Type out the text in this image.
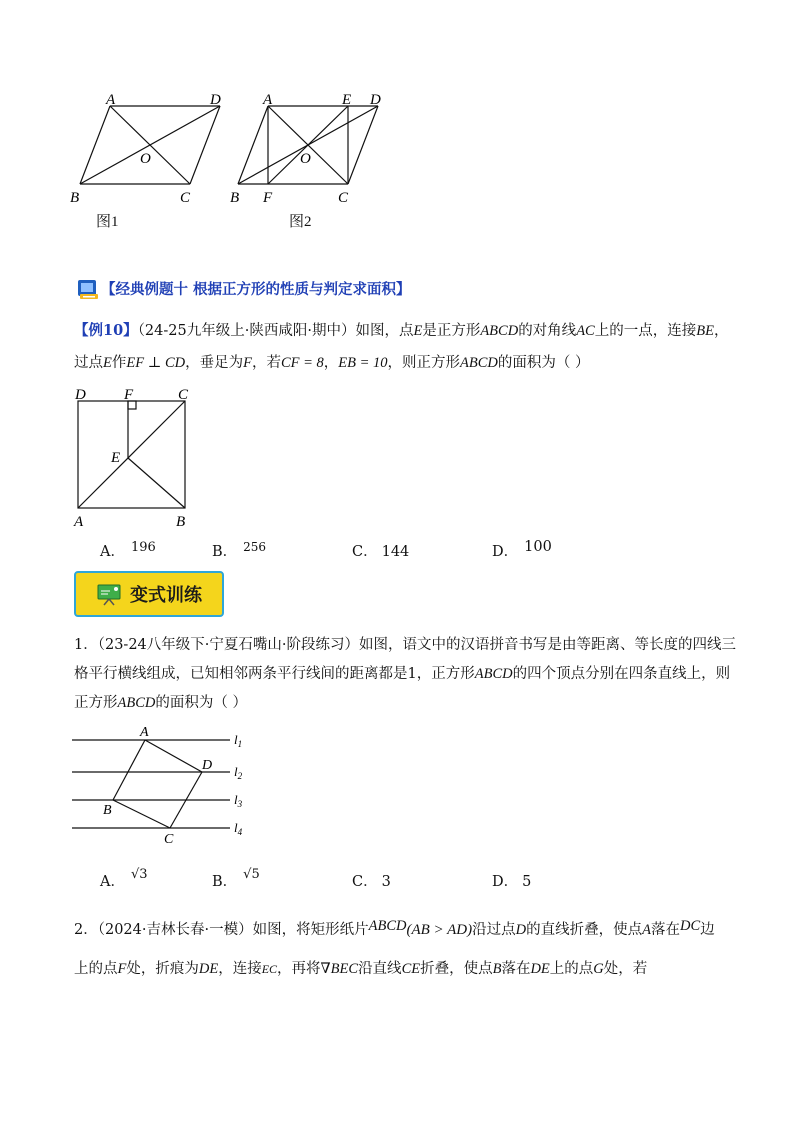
A	D
B	C
O
图1
A	E D
B F	C
O
图2
【经典例题十 根据正方形的性质与判定求面积】
【例10】（24-25九年级上·陕西咸阳·期中）如图，点E是正方形ABCD的对角线AC上的一点，连接BE，
过点E作EF ⊥ CD，垂足为F，若CF = 8，EB = 10，则正方形ABCD的面积为（ ）
D	F	C
E
A	B
A． 196	B． $^{256}$	C． 144	D． 100
变式训练
1．（23-24八年级下·宁夏石嘴山·阶段练习）如图，语文中的汉语拼音书写是由等距离、等长度的四线三
格平行横线组成，已知相邻两条平行线间的距离都是1，正方形ABCD的四个顶点分别在四条直线上，则
正方形ABCD的面积为（ ）
A
D
B
C
$l_1$
$l_2$
$l_3$
$l_4$
A． √3	B． √5	C． 3	D． 5
2．（2024·吉林长春·一模）如图，将矩形纸片ABCD(AB > AD)沿过点D的直线折叠，使点A落在DC边
上的点F处，折痕为DE，连接EC，再将∇BEC沿直线CE折叠，使点B落在DE上的点G处，若
